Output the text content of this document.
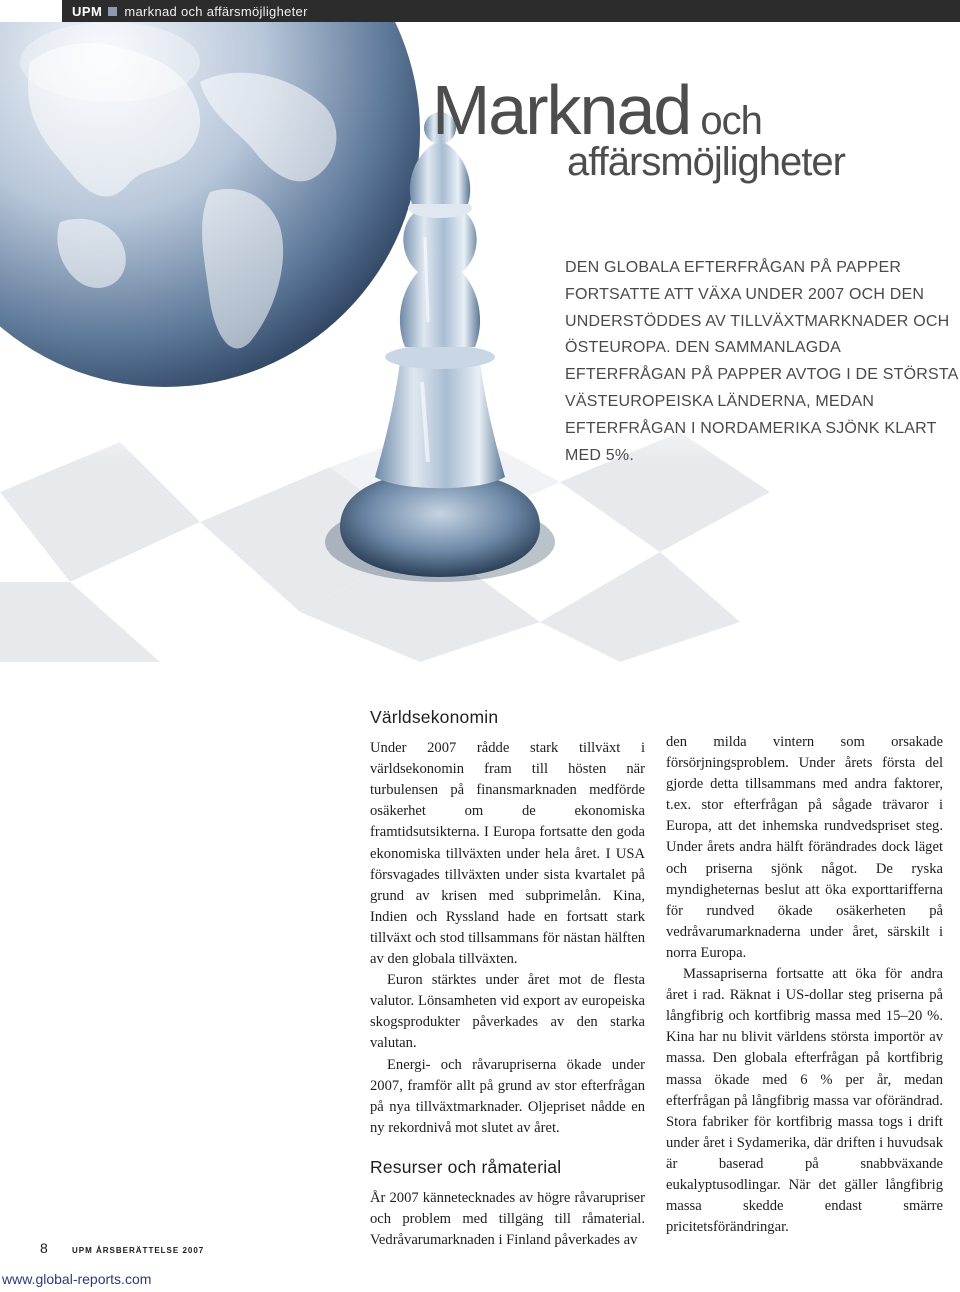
UPM marknad och affärsmöjligheter
Marknad och
affärsmöjligheter
DEN GLOBALA EFTERFRÅGAN PÅ PAPPER FORTSATTE ATT VÄXA UNDER 2007 OCH DEN UNDERSTÖDDES AV TILLVÄXTMARKNADER OCH ÖSTEUROPA. DEN SAMMANLAGDA EFTERFRÅGAN PÅ PAPPER AVTOG I DE STÖRSTA VÄSTEUROPEISKA LÄNDERNA, MEDAN EFTERFRÅGAN I NORDAMERIKA SJÖNK KLART MED 5%.
Världsekonomin

Under 2007 rådde stark tillväxt i världsekonomin fram till hösten när turbulensen på finansmarknaden medförde osäkerhet om de ekonomiska framtidsutsikterna. I Europa fortsatte den goda ekonomiska tillväxten under hela året. I USA försvagades tillväxten under sista kvartalet på grund av krisen med subprimelån. Kina, Indien och Ryssland hade en fortsatt stark tillväxt och stod tillsammans för nästan hälften av den globala tillväxten.

Euron stärktes under året mot de flesta valutor. Lönsamheten vid export av europeiska skogsprodukter påverkades av den starka valutan.

Energi- och råvarupriserna ökade under 2007, framför allt på grund av stor efterfrågan på nya tillväxtmarknader. Oljepriset nådde en ny rekordnivå mot slutet av året.

Resurser och råmaterial

År 2007 kännetecknades av högre råvarupriser och problem med tillgäng till råmaterial. Vedråvarumarknaden i Finland påverkades av

den milda vintern som orsakade försörjningsproblem. Under årets första del gjorde detta tillsammans med andra faktorer, t.ex. stor efterfrågan på sågade trävaror i Europa, att det inhemska rundvedspriset steg. Under årets andra hälft förändrades dock läget och priserna sjönk något. De ryska myndigheternas beslut att öka exporttarifferna för rundved ökade osäkerheten på vedråvarumarknaderna under året, särskilt i norra Europa.

Massapriserna fortsatte att öka för andra året i rad. Räknat i US-dollar steg priserna på långfibrig och kortfibrig massa med 15–20 %. Kina har nu blivit världens största importör av massa. Den globala efterfrågan på kortfibrig massa ökade med 6 % per år, medan efterfrågan på långfibrig massa var oförändrad. Stora fabriker för kortfibrig massa togs i drift under året i Sydamerika, där driften i huvudsak är baserad på snabbväxande eukalyptusodlingar. När det gäller långfibrig massa skedde endast smärre pricitetsförändringar.

8	UPM ÅRSBERÄTTELSE 2007
www.global-reports.com
